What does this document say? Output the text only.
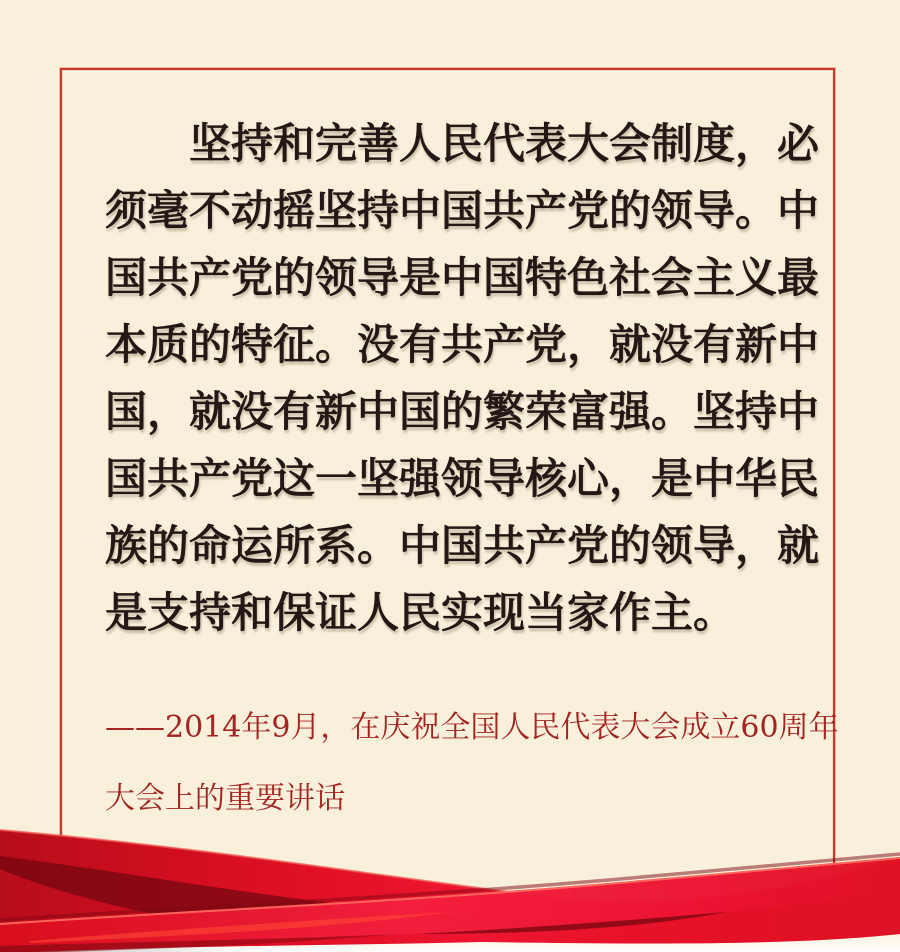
坚持和完善人民代表大会制度，必
须毫不动摇坚持中国共产党的领导。中
国共产党的领导是中国特色社会主义最
本质的特征。没有共产党，就没有新中
国，就没有新中国的繁荣富强。坚持中
国共产党这一坚强领导核心，是中华民
族的命运所系。中国共产党的领导，就
是支持和保证人民实现当家作主。
——2014年9月，在庆祝全国人民代表大会成立60周年
大会上的重要讲话
